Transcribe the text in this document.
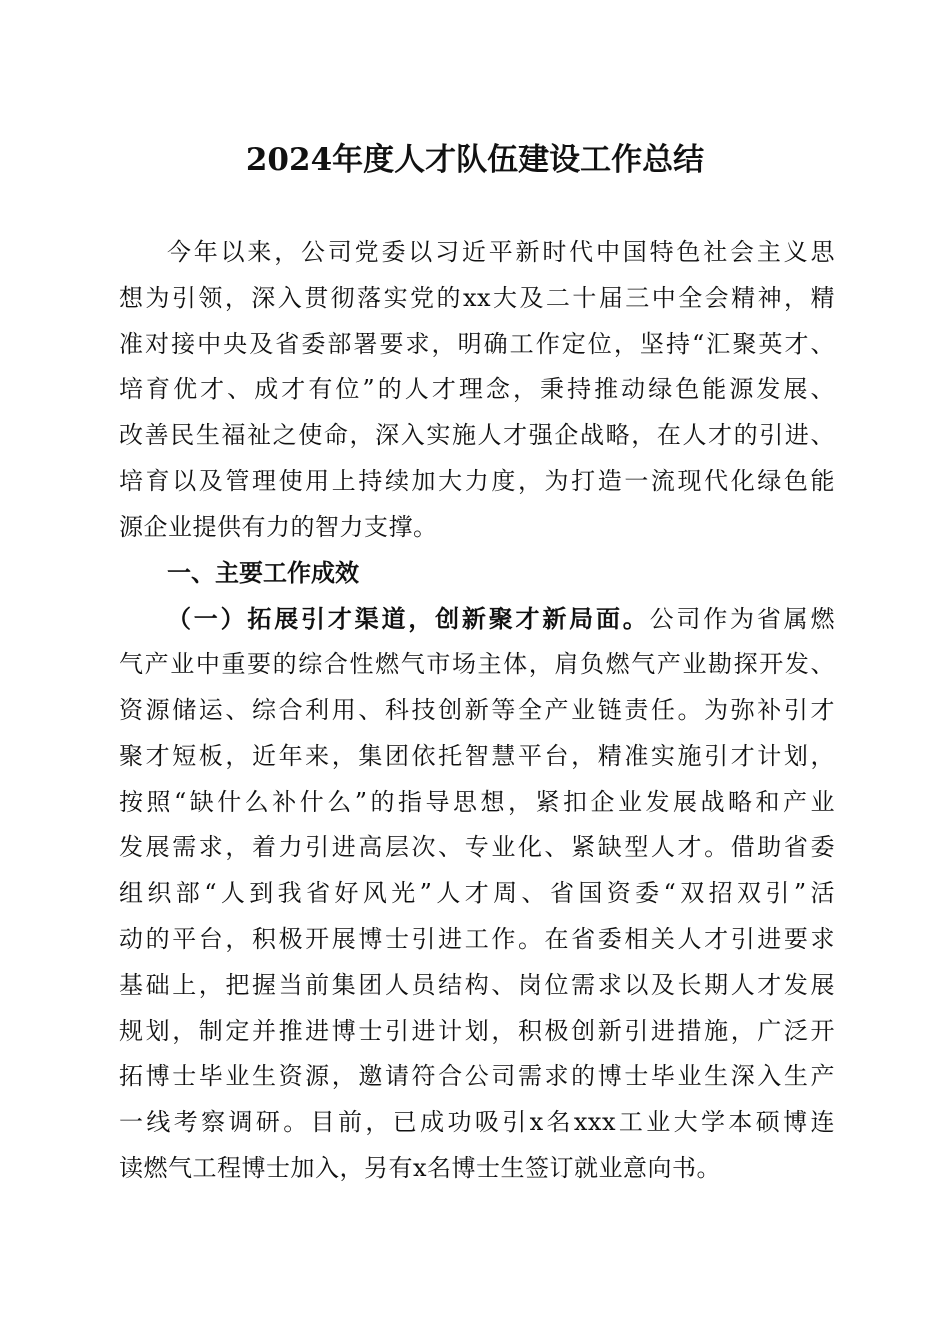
2024年度人才队伍建设工作总结
今年以来，公司党委以习近平新时代中国特色社会主义思
想为引领，深入贯彻落实党的xx大及二十届三中全会精神，精
准对接中央及省委部署要求，明确工作定位，坚持“汇聚英才、
培育优才、成才有位”的人才理念，秉持推动绿色能源发展、
改善民生福祉之使命，深入实施人才强企战略，在人才的引进、
培育以及管理使用上持续加大力度，为打造一流现代化绿色能
源企业提供有力的智力支撑。
一、主要工作成效
（一）拓展引才渠道，创新聚才新局面。公司作为省属燃
气产业中重要的综合性燃气市场主体，肩负燃气产业勘探开发、
资源储运、综合利用、科技创新等全产业链责任。为弥补引才
聚才短板，近年来，集团依托智慧平台，精准实施引才计划，
按照“缺什么补什么”的指导思想，紧扣企业发展战略和产业
发展需求，着力引进高层次、专业化、紧缺型人才。借助省委
组织部“人到我省好风光”人才周、省国资委“双招双引”活
动的平台，积极开展博士引进工作。在省委相关人才引进要求
基础上，把握当前集团人员结构、岗位需求以及长期人才发展
规划，制定并推进博士引进计划，积极创新引进措施，广泛开
拓博士毕业生资源，邀请符合公司需求的博士毕业生深入生产
一线考察调研。目前，已成功吸引x名xxx工业大学本硕博连
读燃气工程博士加入，另有x名博士生签订就业意向书。
